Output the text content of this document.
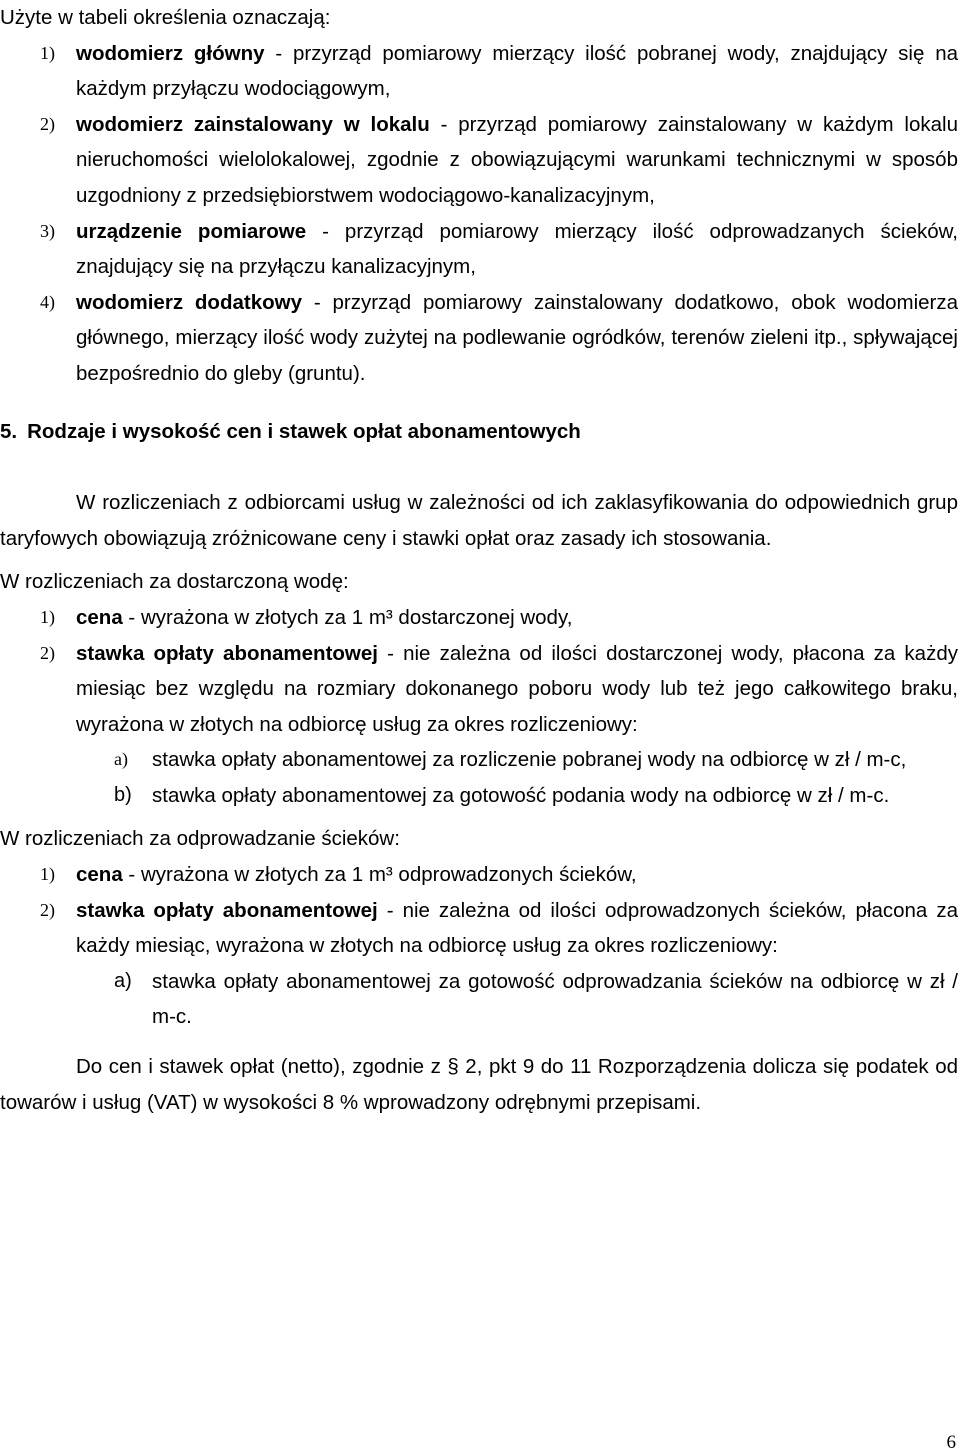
Użyte w tabeli określenia oznaczają:

1) wodomierz główny - przyrząd pomiarowy mierzący ilość pobranej wody, znajdujący się na każdym przyłączu wodociągowym,
2) wodomierz zainstalowany w lokalu - przyrząd pomiarowy zainstalowany w każdym lokalu nieruchomości wielolokalowej, zgodnie z obowiązującymi warunkami technicznymi w sposób uzgodniony z przedsiębiorstwem wodociągowo-kanalizacyjnym,
3) urządzenie pomiarowe - przyrząd pomiarowy mierzący ilość odprowadzanych ścieków, znajdujący się na przyłączu kanalizacyjnym,
4) wodomierz dodatkowy - przyrząd pomiarowy zainstalowany dodatkowo, obok wodomierza głównego, mierzący ilość wody zużytej na podlewanie ogródków, terenów zieleni itp., spływającej bezpośrednio do gleby (gruntu).

5. Rodzaje i wysokość cen i stawek opłat abonamentowych

W rozliczeniach z odbiorcami usług w zależności od ich zaklasyfikowania do odpowiednich grup taryfowych obowiązują zróżnicowane ceny i stawki opłat oraz zasady ich stosowania.

W rozliczeniach za dostarczoną wodę:

1) cena - wyrażona w złotych za 1 m³ dostarczonej wody,
2) stawka opłaty abonamentowej - nie zależna od ilości dostarczonej wody, płacona za każdy miesiąc bez względu na rozmiary dokonanego poboru wody lub też jego całkowitego braku, wyrażona w złotych na odbiorcę usług za okres rozliczeniowy:
a) stawka opłaty abonamentowej za rozliczenie pobranej wody na odbiorcę w zł / m-c,
b) stawka opłaty abonamentowej za gotowość podania wody na odbiorcę w zł / m-c.

W rozliczeniach za odprowadzanie ścieków:

1) cena - wyrażona w złotych za 1 m³ odprowadzonych ścieków,
2) stawka opłaty abonamentowej - nie zależna od ilości odprowadzonych ścieków, płacona za każdy miesiąc, wyrażona w złotych na odbiorcę usług za okres rozliczeniowy:
a) stawka opłaty abonamentowej za gotowość odprowadzania ścieków na odbiorcę w zł / m-c.

Do cen i stawek opłat (netto), zgodnie z § 2, pkt 9 do 11 Rozporządzenia dolicza się podatek od towarów i usług (VAT) w wysokości 8 % wprowadzony odrębnymi przepisami.

6
